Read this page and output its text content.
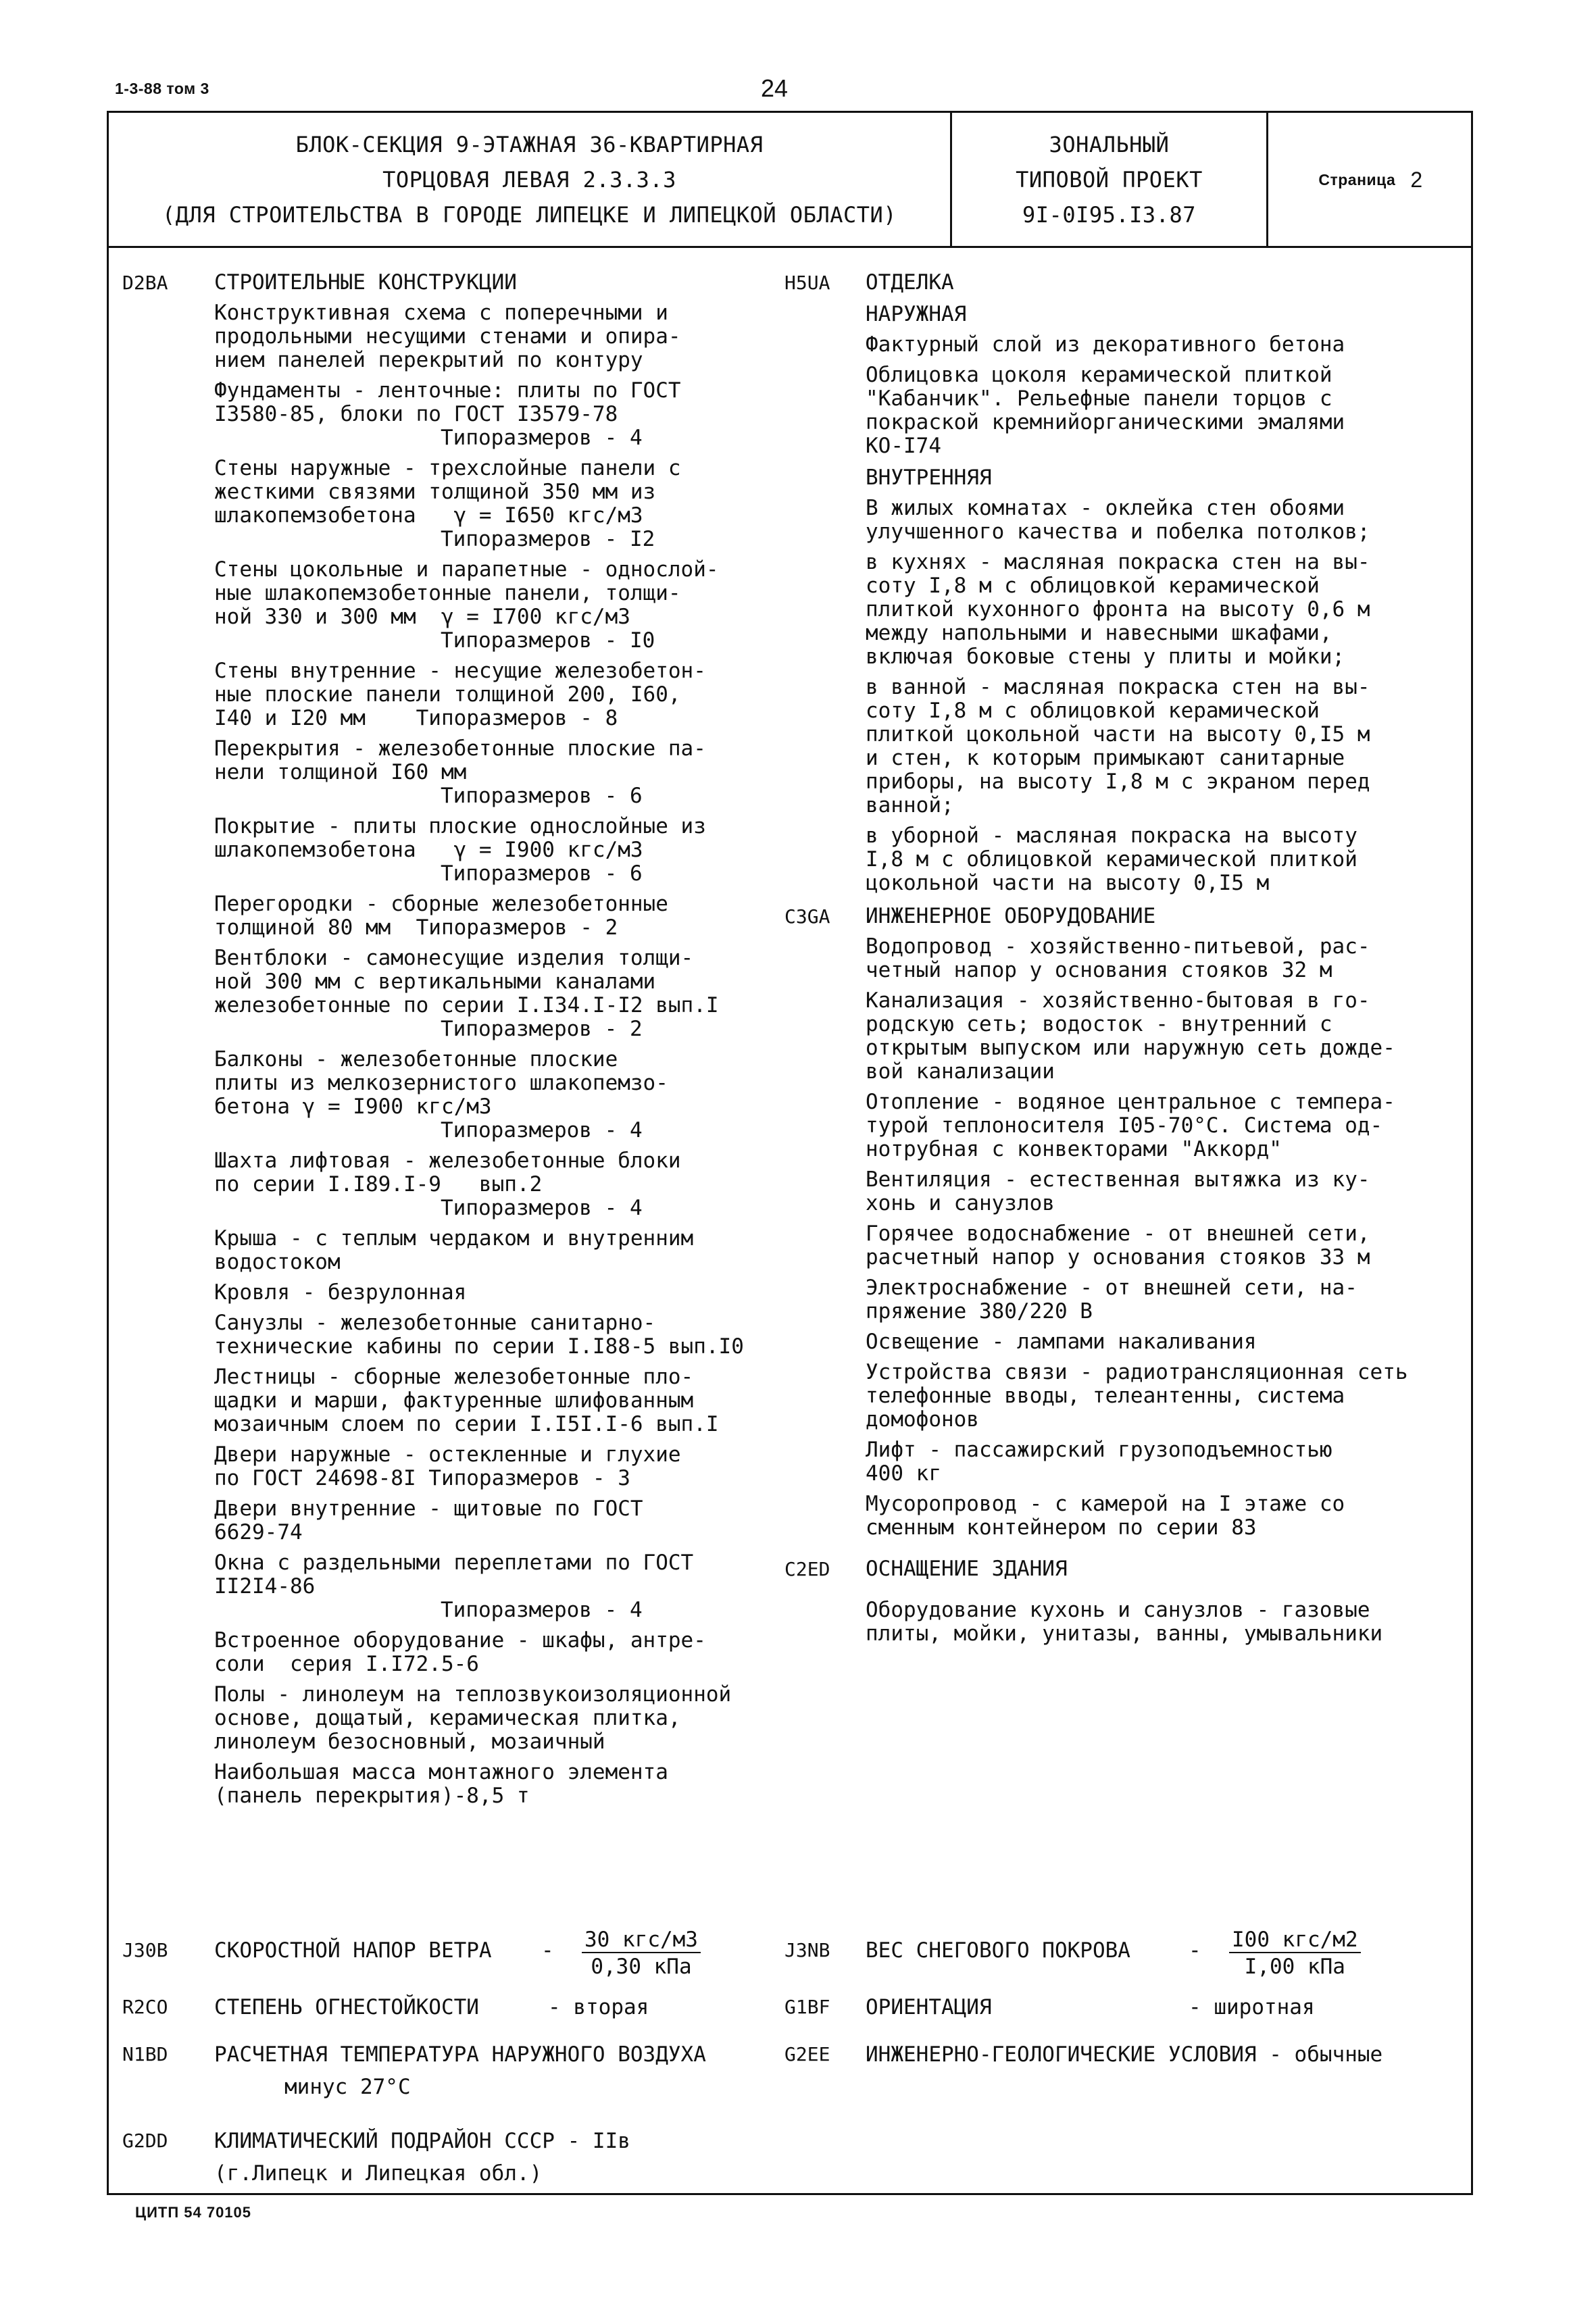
1-3-88 том 3	24
БЛОК-СЕКЦИЯ 9-ЭТАЖНАЯ 36-КВАРТИРНАЯ
ТОРЦОВАЯ ЛЕВАЯ 2.3.3.3
(ДЛЯ СТРОИТЕЛЬСТВА В ГОРОДЕ ЛИПЕЦКЕ И ЛИПЕЦКОЙ ОБЛАСТИ)
ЗОНАЛЬНЫЙ
ТИПОВОЙ ПРОЕКТ
9I-0I95.I3.87
Страница 2
D2BA	СТРОИТЕЛЬНЫЕ КОНСТРУКЦИИ
Конструктивная схема с поперечными и
продольными несущими стенами и опира-
нием панелей перекрытий по контуру
Фундаменты - ленточные: плиты по ГОСТ
I3580-85, блоки по ГОСТ I3579-78
Типоразмеров - 4
Стены наружные - трехслойные панели с
жесткими связями толщиной 350 мм из
шлакопемзобетона   γ = I650 кгс/м3
Типоразмеров - I2
Стены цокольные и парапетные - однослой-
ные шлакопемзобетонные панели, толщи-
ной 330 и 300 мм  γ = I700 кгс/м3
Типоразмеров - I0
Стены внутренние - несущие железобетон-
ные плоские панели толщиной 200, I60,
I40 и I20 мм    Типоразмеров - 8
Перекрытия - железобетонные плоские па-
нели толщиной I60 мм
Типоразмеров - 6
Покрытие - плиты плоские однослойные из
шлакопемзобетона   γ = I900 кгс/м3
Типоразмеров - 6
Перегородки - сборные железобетонные
толщиной 80 мм  Типоразмеров - 2
Вентблоки - самонесущие изделия толщи-
ной 300 мм с вертикальными каналами
железобетонные по серии I.I34.I-I2 вып.I
Типоразмеров - 2
Балконы - железобетонные плоские
плиты из мелкозернистого шлакопемзо-
бетона γ = I900 кгс/м3
Типоразмеров - 4
Шахта лифтовая - железобетонные блоки
по серии I.I89.I-9   вып.2
Типоразмеров - 4
Крыша - с теплым чердаком и внутренним
водостоком
Кровля - безрулонная
Санузлы - железобетонные санитарно-
технические кабины по серии I.I88-5 вып.I0
Лестницы - сборные железобетонные пло-
щадки и марши, фактуренные шлифованным
мозаичным слоем по серии I.I5I.I-6 вып.I
Двери наружные - остекленные и глухие
по ГОСТ 24698-8I Типоразмеров - 3
Двери внутренние - щитовые по ГОСТ
6629-74
Окна с раздельными переплетами по ГОСТ
II2I4-86
Типоразмеров - 4
Встроенное оборудование - шкафы, антре-
соли  серия I.I72.5-6
Полы - линолеум на теплозвукоизоляционной
основе, дощатый, керамическая плитка,
линолеум безосновный, мозаичный
Наибольшая масса монтажного элемента
(панель перекрытия)-8,5 т
H5UA	ОТДЕЛКА
НАРУЖНАЯ
Фактурный слой из декоративного бетона
Облицовка цоколя керамической плиткой
"Кабанчик". Рельефные панели торцов с
покраской кремнийорганическими эмалями
КО-I74
ВНУТРЕННЯЯ
В жилых комнатах - оклейка стен обоями
улучшенного качества и побелка потолков;
в кухнях - масляная покраска стен на вы-
соту I,8 м с облицовкой керамической
плиткой кухонного фронта на высоту 0,6 м
между напольными и навесными шкафами,
включая боковые стены у плиты и мойки;
в ванной - масляная покраска стен на вы-
соту I,8 м с облицовкой керамической
плиткой цокольной части на высоту 0,I5 м
и стен, к которым примыкают санитарные
приборы, на высоту I,8 м с экраном перед
ванной;
в уборной - масляная покраска на высоту
I,8 м с облицовкой керамической плиткой
цокольной части на высоту 0,I5 м
C3GA	ИНЖЕНЕРНОЕ ОБОРУДОВАНИЕ
Водопровод - хозяйственно-питьевой, рас-
четный напор у основания стояков 32 м
Канализация - хозяйственно-бытовая в го-
родскую сеть; водосток - внутренний с
открытым выпуском или наружную сеть дожде-
вой канализации
Отопление - водяное центральное с темпера-
турой теплоносителя I05-70°С. Система од-
нотрубная с конвекторами "Аккорд"
Вентиляция - естественная вытяжка из ку-
хонь и санузлов
Горячее водоснабжение - от внешней сети,
расчетный напор у основания стояков 33 м
Электроснабжение - от внешней сети, на-
пряжение 380/220 В
Освещение - лампами накаливания
Устройства связи - радиотрансляционная сеть
телефонные вводы, телеантенны, система
домофонов
Лифт - пассажирский грузоподъемностью
400 кг
Мусоропровод - с камерой на I этаже со
сменным контейнером по серии 83
C2ED	ОСНАЩЕНИЕ ЗДАНИЯ
Оборудование кухонь и санузлов - газовые
плиты, мойки, унитазы, ванны, умывальники
J30B	СКОРОСТНОЙ НАПОР ВЕТРА - 30 кгс/м3
0,30 кПа
J3NB	ВЕС СНЕГОВОГО ПОКРОВА	- I00 кгс/м2
I,00 кПа
R2CO	СТЕПЕНЬ ОГНЕСТОЙКОСТИ	- вторая	G1BF	ОРИЕНТАЦИЯ	- широтная
N1BD	РАСЧЕТНАЯ ТЕМПЕРАТУРА НАРУЖНОГО ВОЗДУХА
минус 27°С
G2EE	ИНЖЕНЕРНО-ГЕОЛОГИЧЕСКИЕ УСЛОВИЯ - обычные
G2DD	КЛИМАТИЧЕСКИЙ ПОДРАЙОН СССР - IIв
(г.Липецк и Липецкая обл.)
ЦИТП 54 70105
